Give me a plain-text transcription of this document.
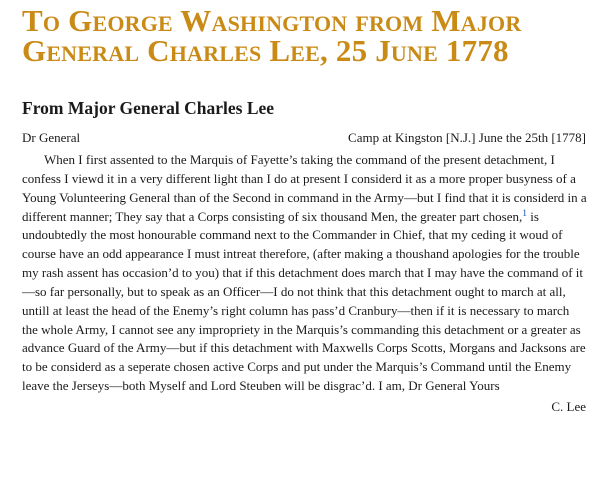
To George Washington from Major General Charles Lee, 25 June 1778
From Major General Charles Lee
Dr General	Camp at Kingston [N.J.] June the 25th [1778]

When I first assented to the Marquis of Fayette’s taking the command of the present detachment, I confess I viewd it in a very different light than I do at present I considerd it as a more proper busyness of a Young Volunteering General than of the Second in command in the Army—but I find that it is considerd in a different manner; They say that a Corps consisting of six thousand Men, the greater part chosen,$^1$ is undoubtedly the most honourable command next to the Commander in Chief, that my ceding it woud of course have an odd appearance I must intreat therefore, (after making a thoushand apologies for the trouble my rash assent has occasion’d to you) that if this detachment does march that I may have the command of it—so far personally, but to speak as an Officer—I do not think that this detachment ought to march at all, untill at least the head of the Enemy’s right column has pass’d Cranbury—then if it is necessary to march the whole Army, I cannot see any impropriety in the Marquis’s commanding this detachment or a greater as advance Guard of the Army—but if this detachment with Maxwells Corps Scotts, Morgans and Jacksons are to be considerd as a seperate chosen active Corps and put under the Marquis’s Command until the Enemy leave the Jerseys—both Myself and Lord Steuben will be disgrac’d. I am, Dr General Yours

C. Lee
